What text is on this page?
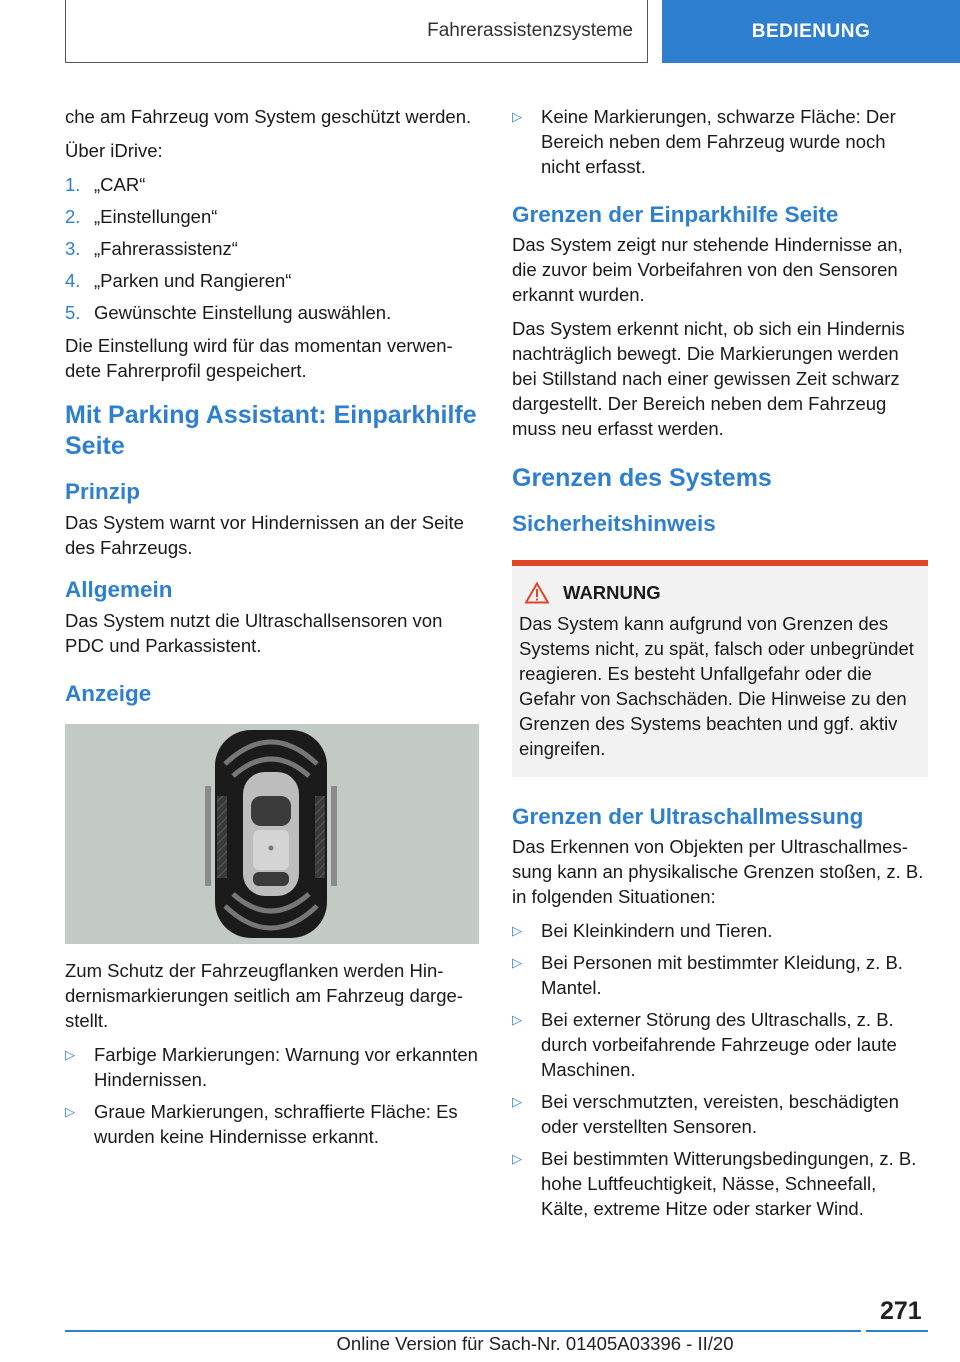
Fahrerassistenzsysteme	BEDIENUNG

che am Fahrzeug vom System geschützt werden.

Über iDrive:

1. „CAR“
2. „Einstellungen“
3. „Fahrerassistenz“
4. „Parken und Rangieren“
5. Gewünschte Einstellung auswählen.

Die Einstellung wird für das momentan verwendete Fahrerprofil gespeichert.

Mit Parking Assistant: Einparkhilfe Seite
Prinzip

Das System warnt vor Hindernissen an der Seite des Fahrzeugs.

Allgemein

Das System nutzt die Ultraschallsensoren von PDC und Parkassistent.

Anzeige

Zum Schutz der Fahrzeugflanken werden Hindernismarkierungen seitlich am Fahrzeug dargestellt.

▷	Farbige Markierungen: Warnung vor erkannten Hindernissen.
▷	Graue Markierungen, schraffierte Fläche: Es wurden keine Hindernisse erkannt.
▷	Keine Markierungen, schwarze Fläche: Der Bereich neben dem Fahrzeug wurde noch nicht erfasst.
Grenzen der Einparkhilfe Seite

Das System zeigt nur stehende Hindernisse an, die zuvor beim Vorbeifahren von den Sensoren erkannt wurden.

Das System erkennt nicht, ob sich ein Hindernis nachträglich bewegt. Die Markierungen werden bei Stillstand nach einer gewissen Zeit schwarz dargestellt. Der Bereich neben dem Fahrzeug muss neu erfasst werden.

Grenzen des Systems
Sicherheitshinweis
WARNUNG

Das System kann aufgrund von Grenzen des Systems nicht, zu spät, falsch oder unbegründet reagieren. Es besteht Unfallgefahr oder die Gefahr von Sachschäden. Die Hinweise zu den Grenzen des Systems beachten und ggf. aktiv eingreifen.

Grenzen der Ultraschallmessung

Das Erkennen von Objekten per Ultraschallmessung kann an physikalische Grenzen stoßen, z. B. in folgenden Situationen:

▷	Bei Kleinkindern und Tieren.
▷	Bei Personen mit bestimmter Kleidung, z. B. Mantel.
▷	Bei externer Störung des Ultraschalls, z. B. durch vorbeifahrende Fahrzeuge oder laute Maschinen.
▷	Bei verschmutzten, vereisten, beschädigten oder verstellten Sensoren.
▷	Bei bestimmten Witterungsbedingungen, z. B. hohe Luftfeuchtigkeit, Nässe, Schneefall, Kälte, extreme Hitze oder starker Wind.
271
Online Version für Sach-Nr. 01405A03396 - II/20
